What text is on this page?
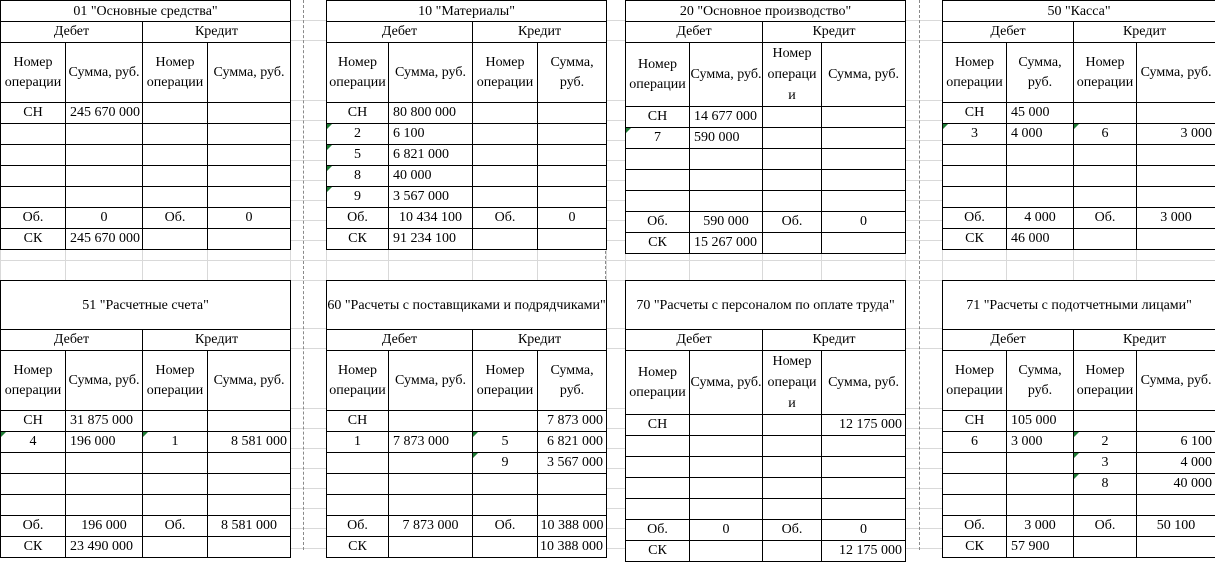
01 "Основные средства"			
Дебет		Кредит	
Номер операции	Сумма, руб.	Номер операции	Сумма, руб.
СН	245 670 000		

Об.	0	Об.	0
СК	245 670 000		
10 "Материалы"			
Дебет		Кредит	
Номер операции	Сумма, руб.	Номер операции	Сумма, руб.
СН	80 800 000		
2	6 100		
5	6 821 000		
8	40 000		
9	3 567 000		
Об.	10 434 100	Об.	0
СК	91 234 100		
20 "Основное производство"			
Дебет		Кредит	
Номер операции	Сумма, руб.	Номер операци и	Сумма, руб.
СН	14 677 000		
7	590 000		

Об.	590 000	Об.	0
СК	15 267 000		
50 "Касса"			
Дебет		Кредит	
Номер операции	Сумма, руб.	Номер операции	Сумма, руб.
СН	45 000		
3	4 000	6	3 000

Об.	4 000	Об.	3 000
СК	46 000		
51 "Расчетные счета"			
Дебет		Кредит	
Номер операции	Сумма, руб.	Номер операции	Сумма, руб.
СН	31 875 000		
4	196 000	1	8 581 000

Об.	196 000	Об.	8 581 000
СК	23 490 000		
60 "Расчеты с поставщиками и подрядчиками"			
Дебет		Кредит	
Номер операции	Сумма, руб.	Номер операции	Сумма, руб.
СН			7 873 000
1	7 873 000	5	6 821 000
		9	3 567 000

Об.	7 873 000	Об.	10 388 000
СК			10 388 000
70 "Расчеты с персоналом по оплате труда"			
Дебет		Кредит	
Номер операции	Сумма, руб.	Номер операци и	Сумма, руб.
СН			12 175 000

Об.	0	Об.	0
СК			12 175 000
71 "Расчеты с подотчетными лицами"			
Дебет		Кредит	
Номер операции	Сумма, руб.	Номер операции	Сумма, руб.
СН	105 000		
6	3 000	2	6 100
		3	4 000
		8	40 000

Об.	3 000	Об.	50 100
СК	57 900		
